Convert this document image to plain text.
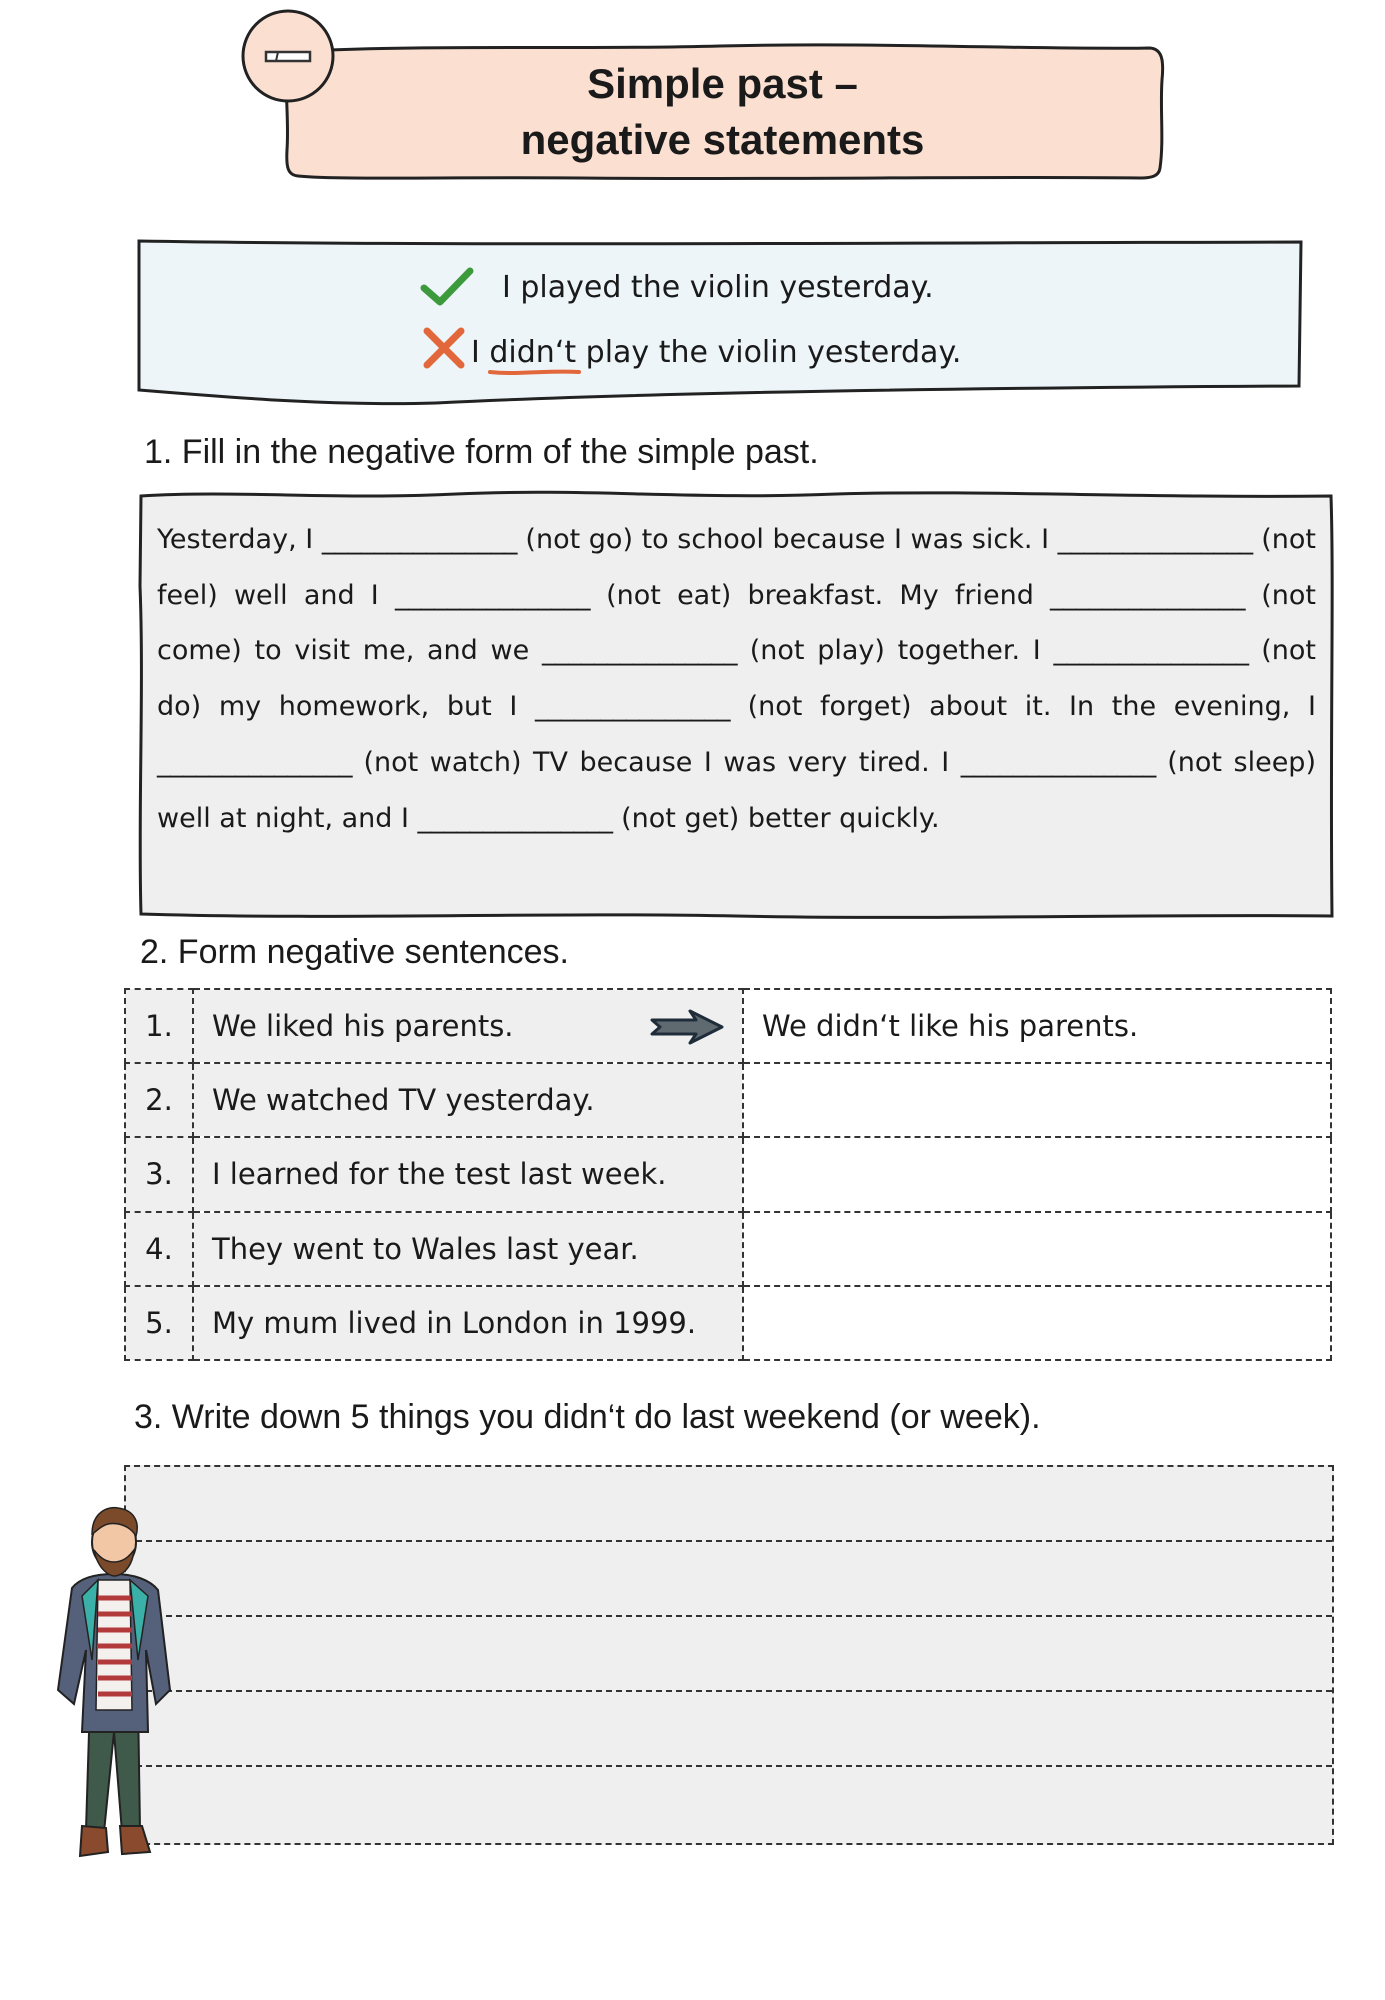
Simple past –
negative statements
I played the violin yesterday.
I didn‘t play the violin yesterday.
1. Fill in the negative form of the simple past.
Yesterday, I _______________ (not go) to school because I was sick. I _______________ (not feel) well and I _______________ (not eat) breakfast. My friend _______________ (not come) to visit me, and we _______________ (not play) together. I _______________ (not do) my homework, but I _______________ (not forget) about it. In the evening, I _______________ (not watch) TV because I was very tired. I _______________ (not sleep) well at night, and I _______________ (not get) better quickly.
2. Form negative sentences.
1.	We liked his parents.	We didn‘t like his parents.
2.	We watched TV yesterday.	
3.	I learned for the test last week.	
4.	They went to Wales last year.	
5.	My mum lived in London in 1999.	
3. Write down 5 things you didn‘t do last weekend (or week).
